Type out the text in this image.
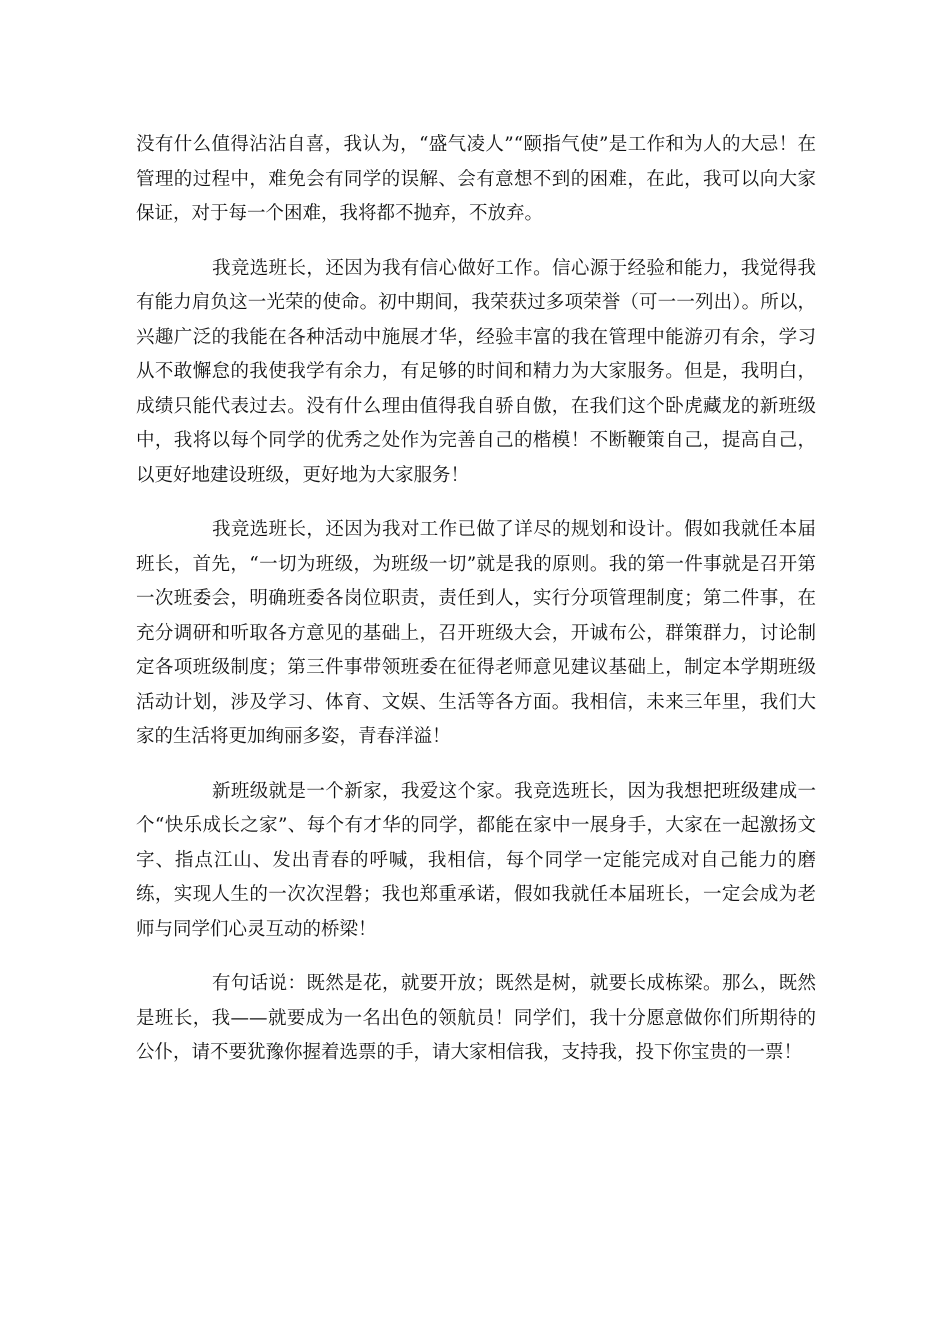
没有什么值得沾沾自喜，我认为，“盛气凌人”“颐指气使”是工作和为人的大忌！在管理的过程中，难免会有同学的误解、会有意想不到的困难，在此，我可以向大家保证，对于每一个困难，我将都不抛弃，不放弃。

我竞选班长，还因为我有信心做好工作。信心源于经验和能力，我觉得我有能力肩负这一光荣的使命。初中期间，我荣获过多项荣誉（可一一列出）。所以，兴趣广泛的我能在各种活动中施展才华，经验丰富的我在管理中能游刃有余，学习从不敢懈怠的我使我学有余力，有足够的时间和精力为大家服务。但是，我明白，成绩只能代表过去。没有什么理由值得我自骄自傲，在我们这个卧虎藏龙的新班级中，我将以每个同学的优秀之处作为完善自己的楷模！不断鞭策自己，提高自己，以更好地建设班级，更好地为大家服务！

我竞选班长，还因为我对工作已做了详尽的规划和设计。假如我就任本届班长，首先，“一切为班级，为班级一切”就是我的原则。我的第一件事就是召开第一次班委会，明确班委各岗位职责，责任到人，实行分项管理制度；第二件事，在充分调研和听取各方意见的基础上，召开班级大会，开诚布公，群策群力，讨论制定各项班级制度；第三件事带领班委在征得老师意见建议基础上，制定本学期班级活动计划，涉及学习、体育、文娱、生活等各方面。我相信，未来三年里，我们大家的生活将更加绚丽多姿，青春洋溢！

新班级就是一个新家，我爱这个家。我竞选班长，因为我想把班级建成一个“快乐成长之家”、每个有才华的同学，都能在家中一展身手，大家在一起激扬文字、指点江山、发出青春的呼喊，我相信，每个同学一定能完成对自己能力的磨练，实现人生的一次次涅磐；我也郑重承诺，假如我就任本届班长，一定会成为老师与同学们心灵互动的桥梁！

有句话说：既然是花，就要开放；既然是树，就要长成栋梁。那么，既然是班长，我——就要成为一名出色的领航员！同学们，我十分愿意做你们所期待的公仆，请不要犹豫你握着选票的手，请大家相信我，支持我，投下你宝贵的一票！
